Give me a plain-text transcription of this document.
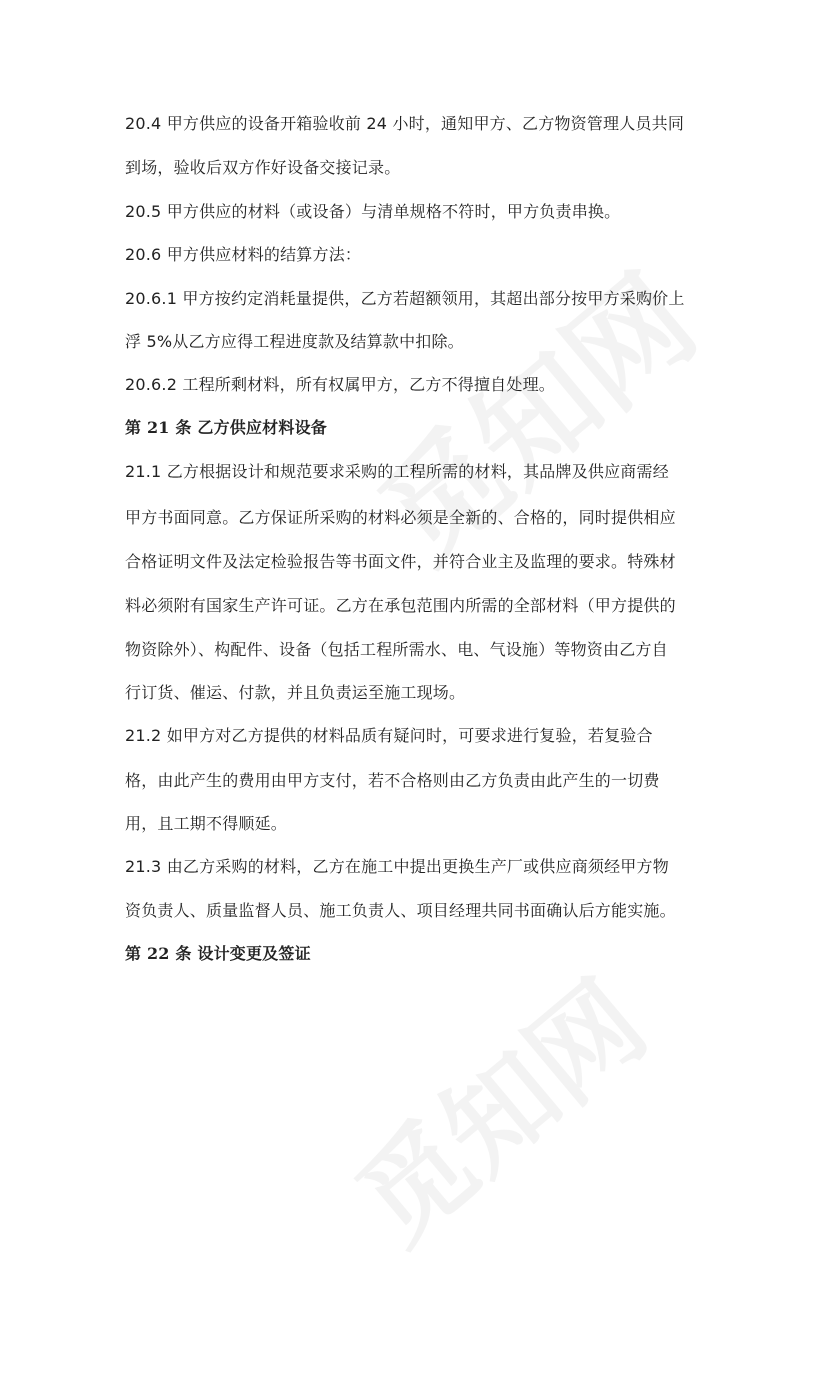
20.4 甲方供应的设备开箱验收前 24 小时，通知甲方、乙方物资管理人员共同
到场，验收后双方作好设备交接记录。
20.5 甲方供应的材料（或设备）与清单规格不符时，甲方负责串换。
20.6 甲方供应材料的结算方法：
20.6.1 甲方按约定消耗量提供，乙方若超额领用，其超出部分按甲方采购价上
浮 5%从乙方应得工程进度款及结算款中扣除。
20.6.2 工程所剩材料，所有权属甲方，乙方不得擅自处理。
第 21 条 乙方供应材料设备
21.1 乙方根据设计和规范要求采购的工程所需的材料，其品牌及供应商需经
甲方书面同意。乙方保证所采购的材料必须是全新的、合格的，同时提供相应
合格证明文件及法定检验报告等书面文件，并符合业主及监理的要求。特殊材
料必须附有国家生产许可证。乙方在承包范围内所需的全部材料（甲方提供的
物资除外）、构配件、设备（包括工程所需水、电、气设施）等物资由乙方自
行订货、催运、付款，并且负责运至施工现场。
21.2 如甲方对乙方提供的材料品质有疑问时，可要求进行复验，若复验合
格，由此产生的费用由甲方支付，若不合格则由乙方负责由此产生的一切费
用，且工期不得顺延。
21.3 由乙方采购的材料，乙方在施工中提出更换生产厂或供应商须经甲方物
资负责人、质量监督人员、施工负责人、项目经理共同书面确认后方能实施。
第 22 条 设计变更及签证
